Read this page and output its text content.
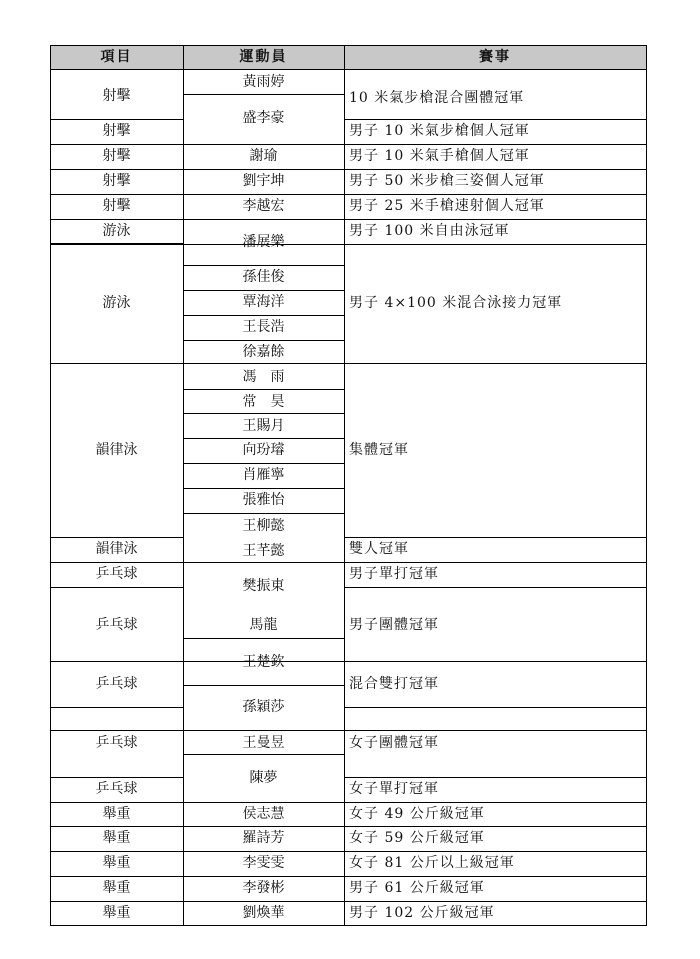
項目	運動員	賽事
射擊
射擊
射擊
射擊
射擊
游泳
游泳
韻律泳
韻律泳
乒乓球
乒乓球
乒乓球
乒乓球
乒乓球
舉重
舉重
舉重
舉重
舉重
黃雨婷
盛李豪
謝瑜
劉宇坤
李越宏
潘展樂
孫佳俊
覃海洋
王長浩
徐嘉餘
馮　雨
常　昊
王賜月
向玢璿
肖雁寧
張雅怡
王柳懿
王芊懿
樊振東
馬龍
王楚欽
孫穎莎
王曼昱
陳夢
侯志慧
羅詩芳
李雯雯
李發彬
劉煥華
10 米氣步槍混合團體冠軍
男子 10 米氣步槍個人冠軍
男子 10 米氣手槍個人冠軍
男子 50 米步槍三姿個人冠軍
男子 25 米手槍速射個人冠軍
男子 100 米自由泳冠軍
男子 4×100 米混合泳接力冠軍
集體冠軍
雙人冠軍
男子單打冠軍
男子團體冠軍
混合雙打冠軍
女子團體冠軍
女子單打冠軍
女子 49 公斤級冠軍
女子 59 公斤級冠軍
女子 81 公斤以上級冠軍
男子 61 公斤級冠軍
男子 102 公斤級冠軍
